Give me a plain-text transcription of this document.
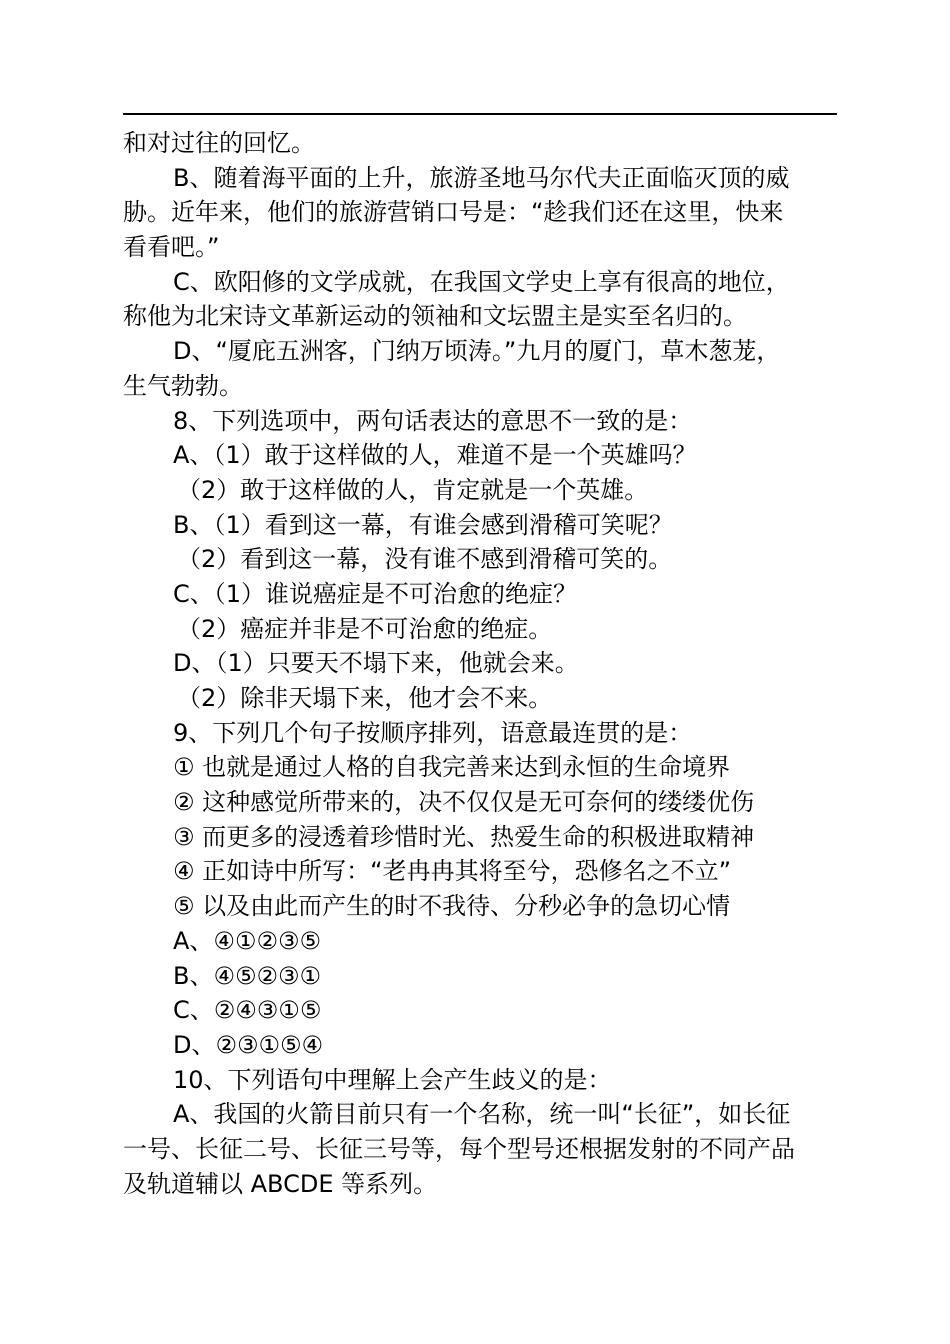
和对过往的回忆。
B、随着海平面的上升，旅游圣地马尔代夫正面临灭顶的威
胁。近年来，他们的旅游营销口号是：“趁我们还在这里，快来
看看吧。”
C、欧阳修的文学成就，在我国文学史上享有很高的地位，
称他为北宋诗文革新运动的领袖和文坛盟主是实至名归的。
D、“厦庇五洲客，门纳万顷涛。”九月的厦门，草木葱茏，
生气勃勃。
8、下列选项中，两句话表达的意思不一致的是：
A、（1）敢于这样做的人，难道不是一个英雄吗？
（2）敢于这样做的人，肯定就是一个英雄。
B、（1）看到这一幕，有谁会感到滑稽可笑呢？
（2）看到这一幕，没有谁不感到滑稽可笑的。
C、（1）谁说癌症是不可治愈的绝症？
（2）癌症并非是不可治愈的绝症。
D、（1）只要天不塌下来，他就会来。
（2）除非天塌下来，他才会不来。
9、下列几个句子按顺序排列，语意最连贯的是：
① 也就是通过人格的自我完善来达到永恒的生命境界
② 这种感觉所带来的，决不仅仅是无可奈何的缕缕优伤
③ 而更多的浸透着珍惜时光、热爱生命的积极进取精神
④ 正如诗中所写：“老冉冉其将至兮，恐修名之不立”
⑤ 以及由此而产生的时不我待、分秒必争的急切心情
A、④①②③⑤
B、④⑤②③①
C、②④③①⑤
D、②③①⑤④
10、下列语句中理解上会产生歧义的是：
A、我国的火箭目前只有一个名称，统一叫“长征”，如长征
一号、长征二号、长征三号等，每个型号还根据发射的不同产品
及轨道辅以 ABCDE 等系列。
